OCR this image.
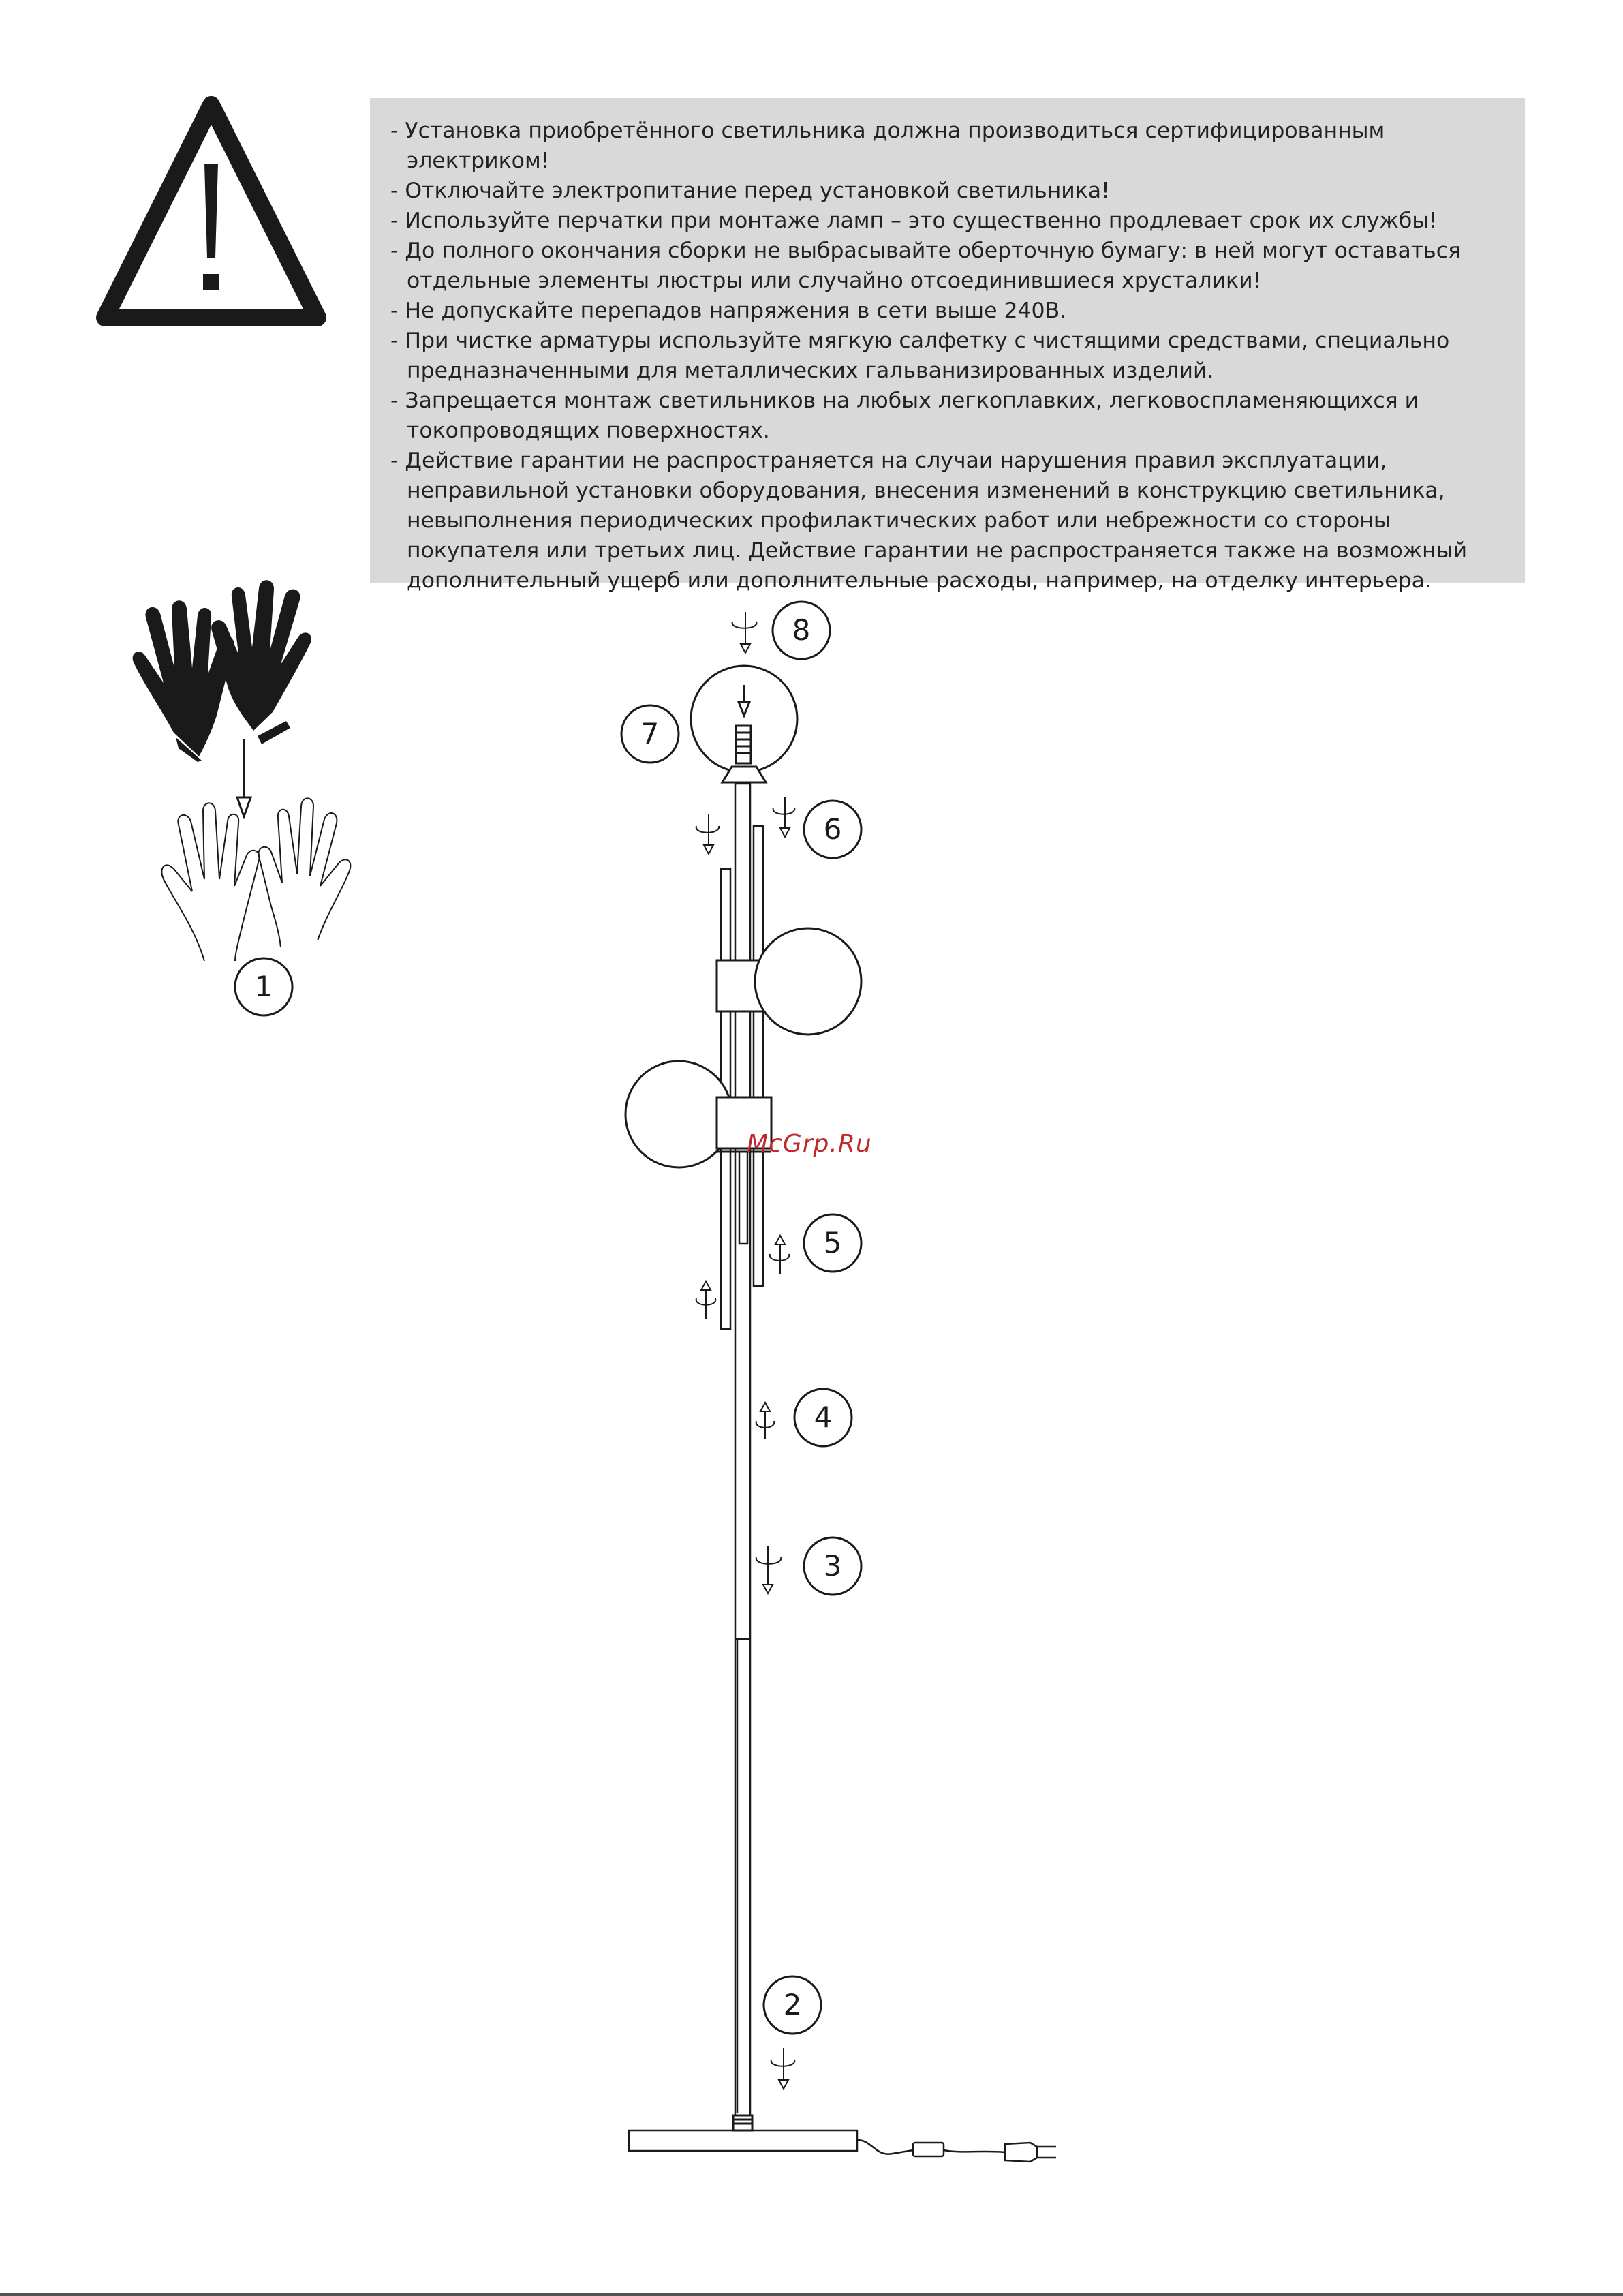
- Установка приобретённого светильника должна производиться сертифицированным электриком!
- Отключайте электропитание перед установкой светильника!
- Используйте перчатки при монтаже ламп – это существенно продлевает срок их службы!
- До полного окончания сборки не выбрасывайте оберточную бумагу: в ней могут оставаться отдельные элементы люстры или случайно отсоединившиеся хрусталики!
- Не допускайте перепадов напряжения в сети выше 240В.
- При чистке арматуры используйте мягкую салфетку с чистящими средствами, специально предназначенными для металлических гальванизированных изделий.
- Запрещается монтаж светильников на любых легкоплавких, легковоспламеняющихся и токопроводящих поверхностях.
- Действие гарантии не распространяется на случаи нарушения правил эксплуатации, неправильной установки оборудования, внесения изменений в конструкцию светильника, невыполнения периодических профилактических работ или небрежности со стороны покупателя или третьих лиц. Действие гарантии не распространяется также на возможный дополнительный ущерб или дополнительные расходы, например, на отделку интерьера.
1
8
7
6
5
4
3
2
McGrp.Ru
